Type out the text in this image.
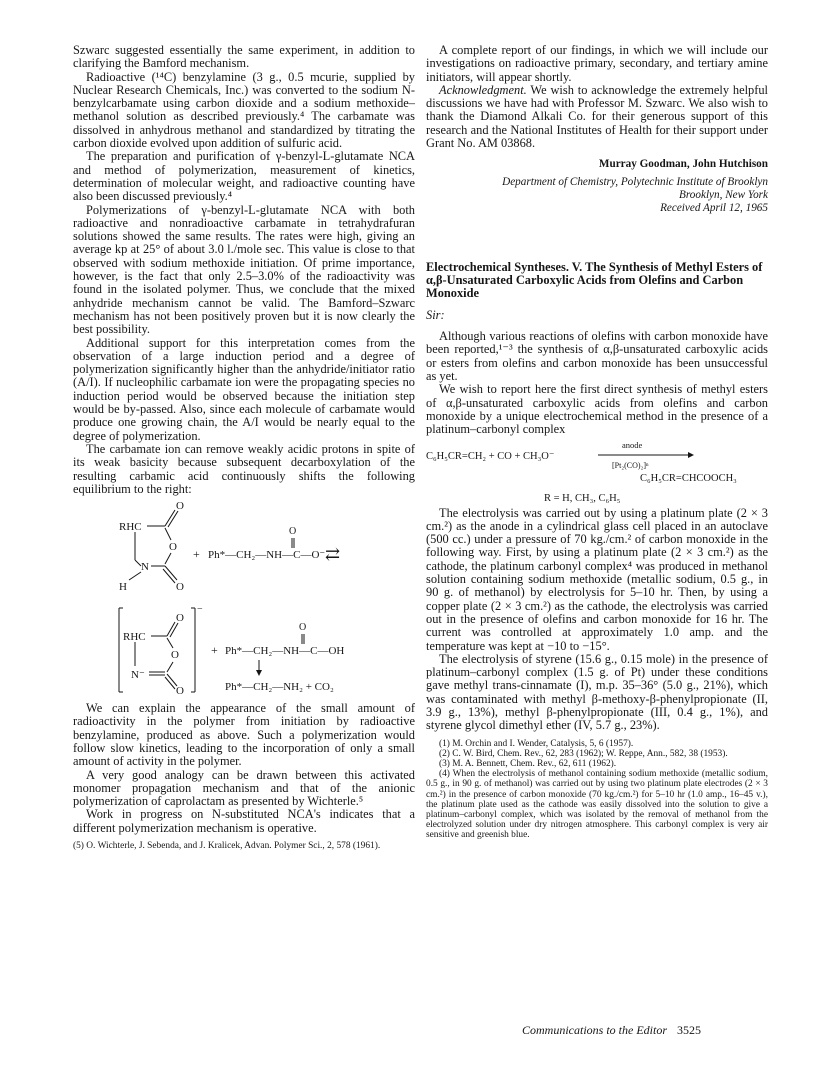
Szwarc suggested essentially the same experiment, in addition to clarifying the Bamford mechanism.

Radioactive (¹⁴C) benzylamine (3 g., 0.5 mcurie, supplied by Nuclear Research Chemicals, Inc.) was converted to the sodium N-benzylcarbamate using carbon dioxide and a sodium methoxide–methanol solution as described previously.⁴ The carbamate was dissolved in anhydrous methanol and standardized by titrating the carbon dioxide evolved upon addition of sulfuric acid.

The preparation and purification of γ-benzyl-L-glutamate NCA and method of polymerization, measurement of kinetics, determination of molecular weight, and radioactive counting have also been discussed previously.⁴

Polymerizations of γ-benzyl-L-glutamate NCA with both radioactive and nonradioactive carbamate in tetrahydrafuran solutions showed the same results. The rates were high, giving an average kp at 25° of about 3.0 l./mole sec. This value is close to that observed with sodium methoxide initiation. Of prime importance, however, is the fact that only 2.5–3.0% of the radioactivity was found in the isolated polymer. Thus, we conclude that the mixed anhydride mechanism cannot be valid. The Bamford–Szwarc mechanism has not been positively proven but it is now clearly the best possibility.

Additional support for this interpretation comes from the observation of a large induction period and a degree of polymerization significantly higher than the anhydride/initiator ratio (A/I). If nucleophilic carbamate ion were the propagating species no induction period would be observed because the initiation step would be by-passed. Also, since each molecule of carbamate would produce one growing chain, the A/I would be nearly equal to the degree of polymerization.

The carbamate ion can remove weakly acidic protons in spite of its weak basicity because subsequent decarboxylation of the resulting carbamic acid continuously shifts the following equilibrium to the right:

RHC
O
O
N
O
H
+
O
Ph*—CH₂—NH—C—O⁻ ⇄
−
RHC
O
O
N⁻
O
+
O
Ph*—CH₂—NH—C—OH
Ph*—CH₂—NH₂ + CO₂

We can explain the appearance of the small amount of radioactivity in the polymer from initiation by radioactive benzylamine, produced as above. Such a polymerization would follow slow kinetics, leading to the incorporation of only a small amount of activity in the polymer.

A very good analogy can be drawn between this activated monomer propagation mechanism and that of the anionic polymerization of caprolactam as presented by Wichterle.⁵

Work in progress on N-substituted NCA's indicates that a different polymerization mechanism is operative.

(5) O. Wichterle, J. Sebenda, and J. Kralicek, Advan. Polymer Sci., 2, 578 (1961).

A complete report of our findings, in which we will include our investigations on radioactive primary, secondary, and tertiary amine initiators, will appear shortly.

Acknowledgment. We wish to acknowledge the extremely helpful discussions we have had with Professor M. Szwarc. We also wish to thank the Diamond Alkali Co. for their generous support of this research and the National Institutes of Health for their support under Grant No. AM 03868.

Murray Goodman, John Hutchison
Department of Chemistry, Polytechnic Institute of Brooklyn
Brooklyn, New York
Received April 12, 1965
Electrochemical Syntheses. V. The Synthesis of Methyl Esters of α,β-Unsaturated Carboxylic Acids from Olefins and Carbon Monoxide
Sir:

Although various reactions of olefins with carbon monoxide have been reported,¹⁻³ the synthesis of α,β-unsaturated carboxylic acids or esters from olefins and carbon monoxide has been unsuccessful as yet.

We wish to report here the first direct synthesis of methyl esters of α,β-unsaturated carboxylic acids from olefins and carbon monoxide by a unique electrochemical method in the presence of a platinum–carbonyl complex

C₆H₅CR=CH₂ + CO + CH₃O⁻
anode
[Pt₂(CO)₂]ⁿ
C₆H₅CR=CHCOOCH₃
R = H, CH₃, C₆H₅

The electrolysis was carried out by using a platinum plate (2 × 3 cm.²) as the anode in a cylindrical glass cell placed in an autoclave (500 cc.) under a pressure of 70 kg./cm.² of carbon monoxide in the following way. First, by using a platinum plate (2 × 3 cm.²) as the cathode, the platinum carbonyl complex⁴ was produced in methanol solution containing sodium methoxide (metallic sodium, 0.5 g., in 90 g. of methanol) by electrolysis for 5–10 hr. Then, by using a copper plate (2 × 3 cm.²) as the cathode, the electrolysis was carried out in the presence of olefins and carbon monoxide for 16 hr. The current was controlled at approximately 1.0 amp. and the temperature was kept at −10 to −15°.

The electrolysis of styrene (15.6 g., 0.15 mole) in the presence of platinum–carbonyl complex (1.5 g. of Pt) under these conditions gave methyl trans-cinnamate (I), m.p. 35–36° (5.0 g., 21%), which was contaminated with methyl β-methoxy-β-phenylpropionate (II, 3.9 g., 13%), methyl β-phenylpropionate (III, 0.4 g., 1%), and styrene glycol dimethyl ether (IV, 5.7 g., 23%).

(1) M. Orchin and I. Wender, Catalysis, 5, 6 (1957).

(2) C. W. Bird, Chem. Rev., 62, 283 (1962); W. Reppe, Ann., 582, 38 (1953).

(3) M. A. Bennett, Chem. Rev., 62, 611 (1962).

(4) When the electrolysis of methanol containing sodium methoxide (metallic sodium, 0.5 g., in 90 g. of methanol) was carried out by using two platinum plate electrodes (2 × 3 cm.²) in the presence of carbon monoxide (70 kg./cm.²) for 5–10 hr (1.0 amp., 16–45 v.), the platinum plate used as the cathode was easily dissolved into the solution to give a platinum–carbonyl complex, which was isolated by the removal of methanol from the electrolyzed solution under dry nitrogen atmosphere. This carbonyl complex is very air sensitive and greenish blue.

Communications to the Editor 3525
